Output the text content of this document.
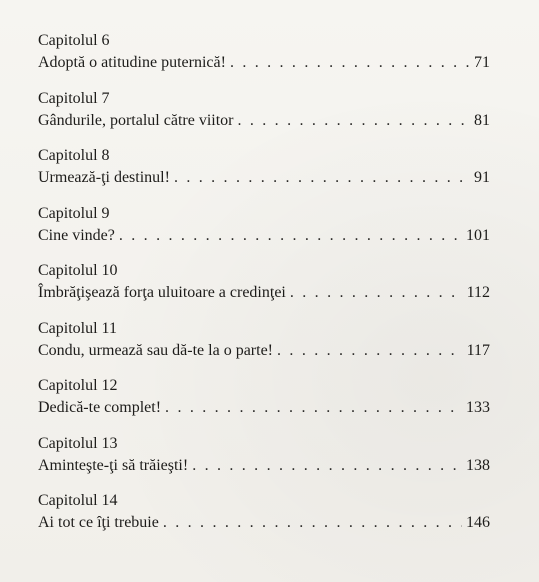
Capitolul 6
Adoptă o atitudine puternică! . . .	71
Capitolul 7
Gândurile, portalul către viitor . . .	81
Capitolul 8
Urmează-ţi destinul! . . .	91
Capitolul 9
Cine vinde? . . .	101
Capitolul 10
Îmbrăţişează forţa uluitoare a credinţei . . .	112
Capitolul 11
Condu, urmează sau dă-te la o parte! . . .	117
Capitolul 12
Dedică-te complet! . . .	133
Capitolul 13
Aminteşte-ţi să trăieşti! . . .	138
Capitolul 14
Ai tot ce îţi trebuie . . .	146
